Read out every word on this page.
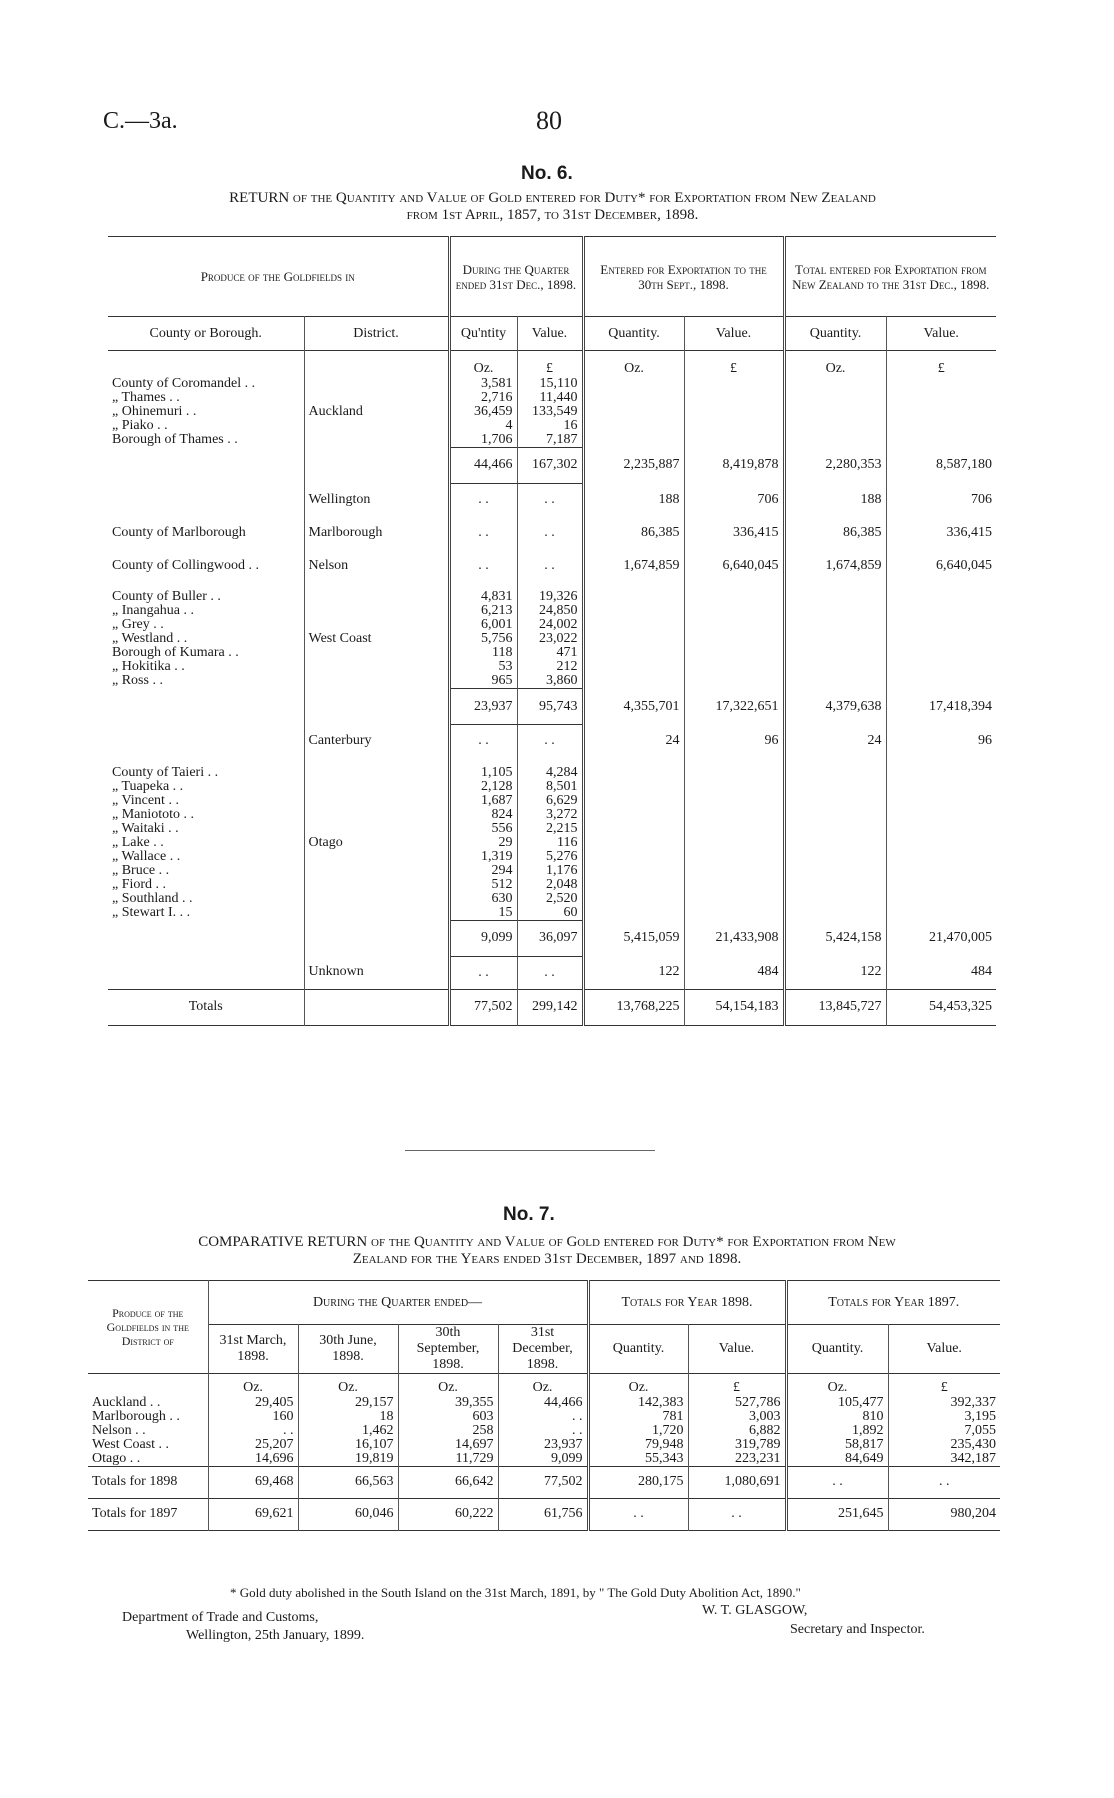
C.—3a.	80
No. 6.
RETURN of the Quantity and Value of Gold entered for Duty* for Exportation from New Zealand
from 1st April, 1857, to 31st December, 1898.
Produce of the Goldfields in		During the Quarter ended 31st Dec., 1898.		Entered for Exportation to the 30th Sept., 1898.		Total entered for Exportation from New Zealand to the 31st Dec., 1898.	
County or Borough.	District.	Qu'ntity	Value.	Quantity.	Value.	Quantity.	Value.
		Oz.	£	Oz.	£	Oz.	£
County of Coromandel . .		3,581	15,110				
„ Thames . .		2,716	11,440				
„ Ohinemuri . .	Auckland	36,459	133,549				
„ Piako . .		4	16				
Borough of Thames . .		1,706	7,187				
		44,466	167,302	2,235,887	8,419,878	2,280,353	8,587,180
	Wellington	. .	. .	188	706	188	706
County of Marlborough	Marlborough	. .	. .	86,385	336,415	86,385	336,415
County of Collingwood . .	Nelson	. .	. .	1,674,859	6,640,045	1,674,859	6,640,045

County of Buller . .		4,831	19,326				
„ Inangahua . .		6,213	24,850				
„ Grey . .		6,001	24,002				
„ Westland . .	West Coast	5,756	23,022				
Borough of Kumara . .		118	471				
„ Hokitika . .		53	212				
„ Ross . .		965	3,860				
		23,937	95,743	4,355,701	17,322,651	4,379,638	17,418,394
	Canterbury	. .	. .	24	96	24	96

County of Taieri . .		1,105	4,284				
„ Tuapeka . .		2,128	8,501				
„ Vincent . .		1,687	6,629				
„ Maniototo . .		824	3,272				
„ Waitaki . .		556	2,215				
„ Lake . .	Otago	29	116				
„ Wallace . .		1,319	5,276				
„ Bruce . .		294	1,176				
„ Fiord . .		512	2,048				
„ Southland . .		630	2,520				
„ Stewart I. . .		15	60				
		9,099	36,097	5,415,059	21,433,908	5,424,158	21,470,005
	Unknown	. .	. .	122	484	122	484
Totals		77,502	299,142	13,768,225	54,154,183	13,845,727	54,453,325
No. 7.
COMPARATIVE RETURN of the Quantity and Value of Gold entered for Duty* for Exportation from New
Zealand for the Years ended 31st December, 1897 and 1898.
Produce of the Goldfields in the District of	During the Quarter ended—				Totals for Year 1898.		Totals for Year 1897.	
	31st March, 1898.	30th June, 1898.	30th September, 1898.	31st December, 1898.	Quantity.	Value.	Quantity.	Value.
	Oz.	Oz.	Oz.	Oz.	Oz.	£	Oz.	£
Auckland . .	29,405	29,157	39,355	44,466	142,383	527,786	105,477	392,337
Marlborough . .	160	18	603	. .	781	3,003	810	3,195
Nelson . .	. .	1,462	258	. .	1,720	6,882	1,892	7,055
West Coast . .	25,207	16,107	14,697	23,937	79,948	319,789	58,817	235,430
Otago . .	14,696	19,819	11,729	9,099	55,343	223,231	84,649	342,187
Totals for 1898	69,468	66,563	66,642	77,502	280,175	1,080,691	. .	. .
Totals for 1897	69,621	60,046	60,222	61,756	. .	. .	251,645	980,204
* Gold duty abolished in the South Island on the 31st March, 1891, by " The Gold Duty Abolition Act, 1890."
Department of Trade and Customs,
Wellington, 25th January, 1899.
W. T. GLASGOW,
Secretary and Inspector.
